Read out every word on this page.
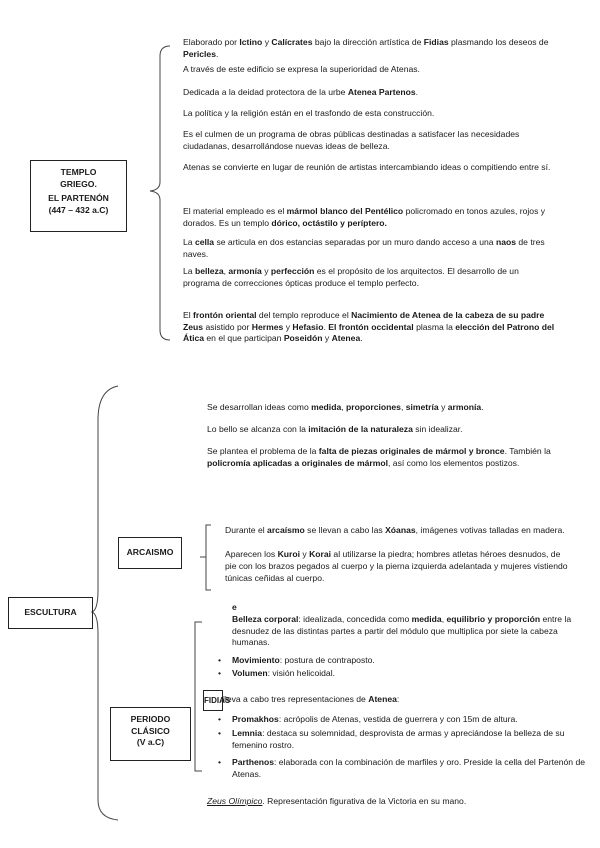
TEMPLO
GRIEGO.
EL PARTENÓN
(447 – 432 a.C)
Elaborado por Ictino y Calícrates bajo la dirección artística de Fidias plasmando los deseos de Pericles.
A través de este edificio se expresa la superioridad de Atenas.
Dedicada a la deidad protectora de la urbe Atenea Partenos.
La política y la religión están en el trasfondo de esta construcción.
Es el culmen de un programa de obras públicas destinadas a satisfacer las necesidades ciudadanas, desarrollándose nuevas ideas de belleza.
Atenas se convierte en lugar de reunión de artistas intercambiando ideas o compitiendo entre sí.
El material empleado es el mármol blanco del Pentélico policromado en tonos azules, rojos y dorados. Es un templo dórico, octástilo y períptero.
La cella se articula en dos estancias separadas por un muro dando acceso a una naos de tres naves.
La belleza, armonía y perfección es el propósito de los arquitectos. El desarrollo de un programa de correcciones ópticas produce el templo perfecto.
El frontón oriental del templo reproduce el Nacimiento de Atenea de la cabeza de su padre Zeus asistido por Hermes y Hefasio. El frontón occidental plasma la elección del Patrono del Ática en el que participan Poseidón y Atenea.
ESCULTURA
Se desarrollan ideas como medida, proporciones, simetría y armonía.
Lo bello se alcanza con la imitación de la naturaleza sin idealizar.
Se plantea el problema de la falta de piezas originales de mármol y bronce. También la policromía aplicadas a originales de mármol, así como los elementos postizos.
ARCAISMO
Durante el arcaísmo se llevan a cabo las Xóanas, imágenes votivas talladas en madera.
Aparecen los Kuroi y Korai al utilizarse la piedra; hombres atletas héroes desnudos, de pie con los brazos pegados al cuerpo y la pierna izquierda adelantada y mujeres vistiendo túnicas ceñidas al cuerpo.
PERIODO
CLÁSICO
(V a.C)
e
Belleza corporal: idealizada, concedida como medida, equilibrio y proporción entre la desnudez de las distintas partes a partir del módulo que multiplica por siete la cabeza humanas.
• Movimiento: postura de contraposto.
• Volumen: visión helicoidal.
FIDIAS
lleva a cabo tres representaciones de Atenea:
• Promakhos: acrópolis de Atenas, vestida de guerrera y con 15m de altura.
• Lemnia: destaca su solemnidad, desprovista de armas y apreciándose la belleza de su femenino rostro.
• Parthenos: elaborada con la combinación de marfiles y oro. Preside la cella del Partenón de Atenas.
Zeus Olímpico. Representación figurativa de la Victoria en su mano.
